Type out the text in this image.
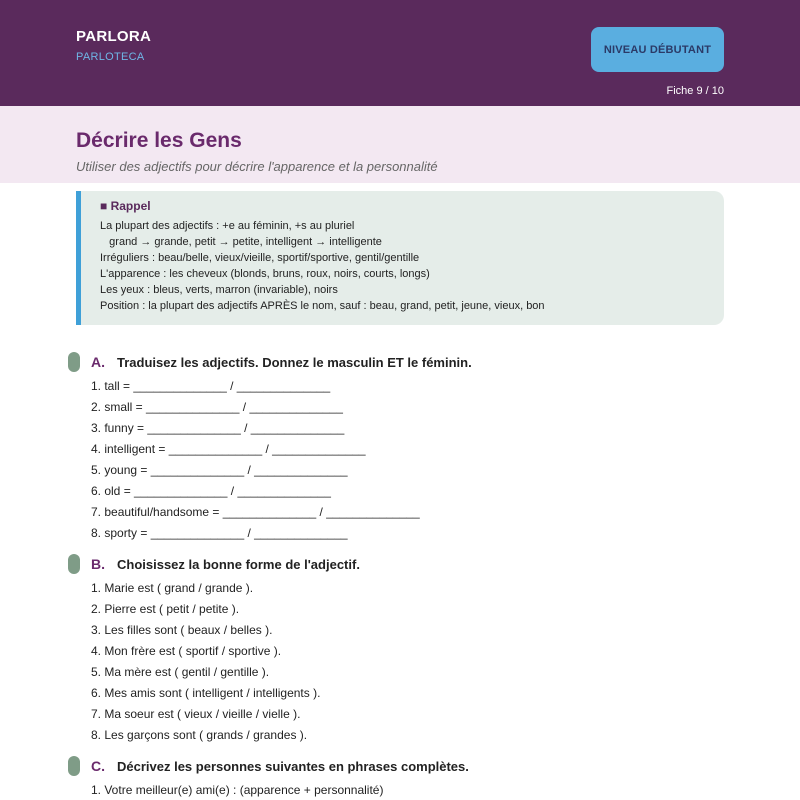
PARLORA
PARLOTECA
NIVEAU DÉBUTANT
Fiche 9 / 10
Décrire les Gens
Utiliser des adjectifs pour décrire l'apparence et la personnalité
■ Rappel
La plupart des adjectifs : +e au féminin, +s au pluriel
grand → grande, petit → petite, intelligent → intelligente
Irréguliers : beau/belle, vieux/vieille, sportif/sportive, gentil/gentille
L'apparence : les cheveux (blonds, bruns, roux, noirs, courts, longs)
Les yeux : bleus, verts, marron (invariable), noirs
Position : la plupart des adjectifs APRÈS le nom, sauf : beau, grand, petit, jeune, vieux, bon
A. Traduisez les adjectifs. Donnez le masculin ET le féminin.
1. tall = ______________ / ______________
2. small = ______________ / ______________
3. funny = ______________ / ______________
4. intelligent = ______________ / ______________
5. young = ______________ / ______________
6. old = ______________ / ______________
7. beautiful/handsome = ______________ / ______________
8. sporty = ______________ / ______________
B. Choisissez la bonne forme de l'adjectif.
1. Marie est ( grand / grande ).
2. Pierre est ( petit / petite ).
3. Les filles sont ( beaux / belles ).
4. Mon frère est ( sportif / sportive ).
5. Ma mère est ( gentil / gentille ).
6. Mes amis sont ( intelligent / intelligents ).
7. Ma soeur est ( vieux / vieille / vielle ).
8. Les garçons sont ( grands / grandes ).
C. Décrivez les personnes suivantes en phrases complètes.
1. Votre meilleur(e) ami(e) : (apparence + personnalité)
